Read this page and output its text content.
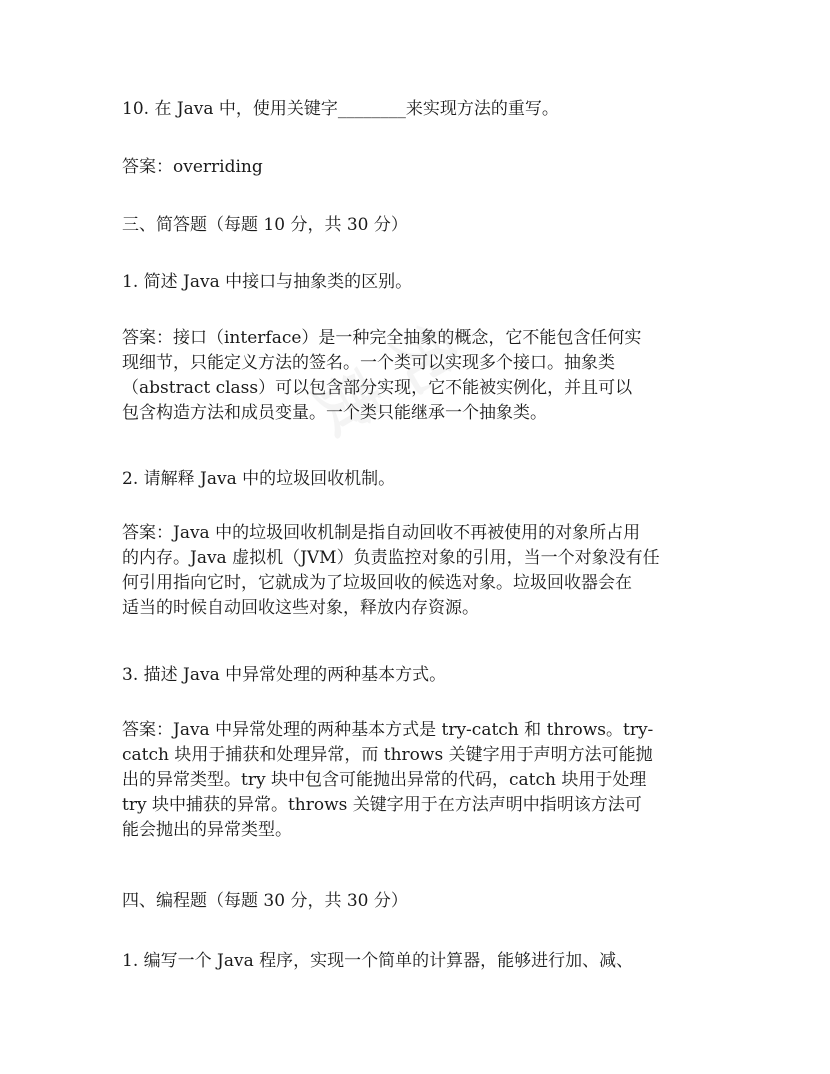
免费

10. 在 Java 中，使用关键字________来实现方法的重写。

答案：overriding

三、简答题（每题 10 分，共 30 分）

1. 简述 Java 中接口与抽象类的区别。

答案：接口（interface）是一种完全抽象的概念，它不能包含任何实
现细节，只能定义方法的签名。一个类可以实现多个接口。抽象类
（abstract class）可以包含部分实现，它不能被实例化，并且可以
包含构造方法和成员变量。一个类只能继承一个抽象类。

2. 请解释 Java 中的垃圾回收机制。

答案：Java 中的垃圾回收机制是指自动回收不再被使用的对象所占用
的内存。Java 虚拟机（JVM）负责监控对象的引用，当一个对象没有任
何引用指向它时，它就成为了垃圾回收的候选对象。垃圾回收器会在
适当的时候自动回收这些对象，释放内存资源。

3. 描述 Java 中异常处理的两种基本方式。

答案：Java 中异常处理的两种基本方式是 try-catch 和 throws。try-
catch 块用于捕获和处理异常，而 throws 关键字用于声明方法可能抛
出的异常类型。try 块中包含可能抛出异常的代码，catch 块用于处理
try 块中捕获的异常。throws 关键字用于在方法声明中指明该方法可
能会抛出的异常类型。

四、编程题（每题 30 分，共 30 分）

1. 编写一个 Java 程序，实现一个简单的计算器，能够进行加、减、
